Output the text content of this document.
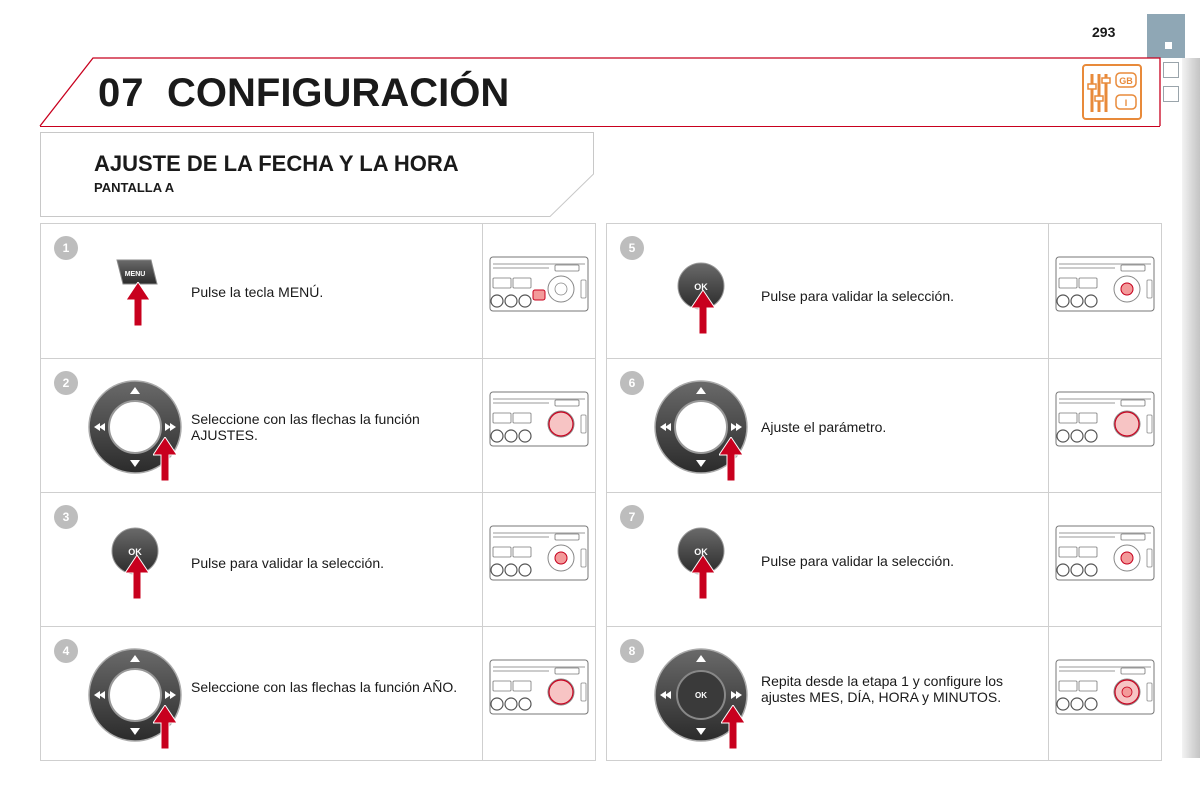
293
07 CONFIGURACIÓN	GB
I
AJUSTE DE LA FECHA Y LA HORA
PANTALLA A
1
MENU
Pulse la tecla MENÚ.
2
Seleccione con las flechas la función AJUSTES.
3
OK
Pulse para validar la selección.
4
Seleccione con las flechas la función AÑO.
5
OK
Pulse para validar la selección.
6
Ajuste el parámetro.
7
OK
Pulse para validar la selección.
8
OK
Repita desde la etapa 1 y configure los ajustes MES, DÍA, HORA y MINUTOS.
